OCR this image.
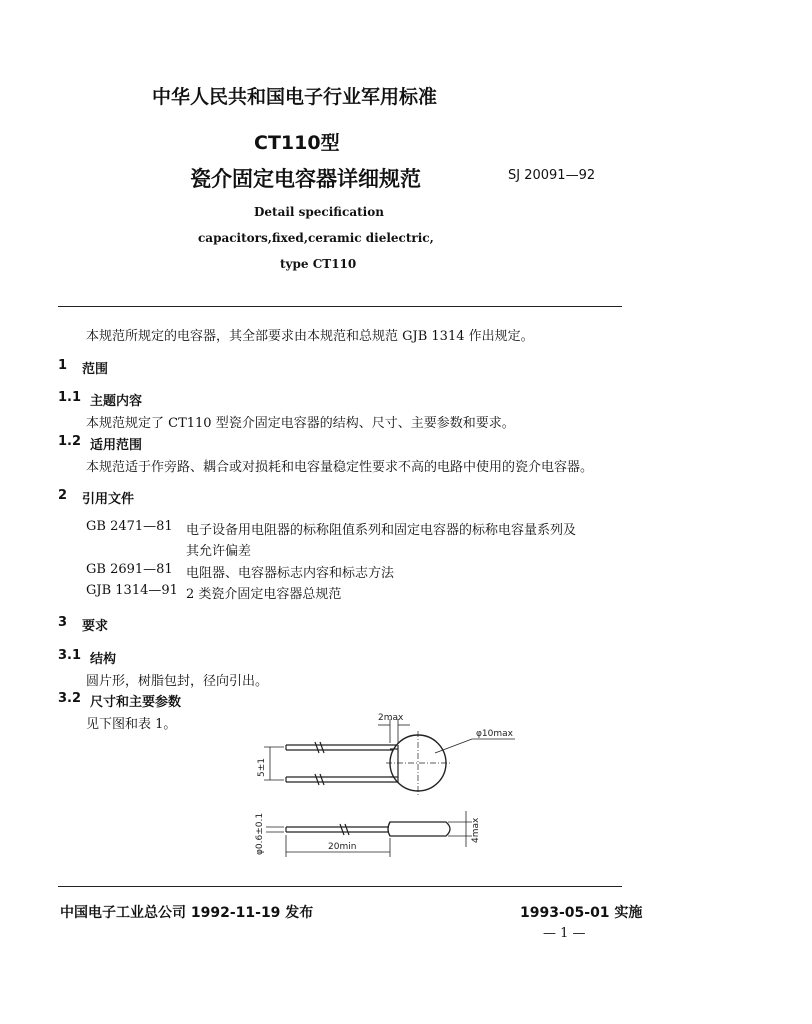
中华人民共和国电子行业军用标准
CT110型
瓷介固定电容器详细规范	SJ 20091—92
Detail specification
capacitors,fixed,ceramic dielectric,
type CT110
本规范所规定的电容器，其全部要求由本规范和总规范 GJB 1314 作出规定。
1 范围
1.1 主题内容
本规范规定了 CT110 型瓷介固定电容器的结构、尺寸、主要参数和要求。
1.2 适用范围
本规范适于作旁路、耦合或对损耗和电容量稳定性要求不高的电路中使用的瓷介电容器。
2 引用文件
GB 2471—81 电子设备用电阻器的标称阻值系列和固定电容器的标称电容量系列及
其允许偏差
GB 2691—81 电阻器、电容器标志内容和标志方法
GJB 1314—91 2 类瓷介固定电容器总规范
3 要求
3.1 结构
圆片形，树脂包封，径向引出。
3.2 尺寸和主要参数
见下图和表 1。	2max
φ10max
5±1
φ0.6±0.1	20min
4max
中国电子工业总公司 1992-11-19 发布	1993-05-01 实施
— 1 —
